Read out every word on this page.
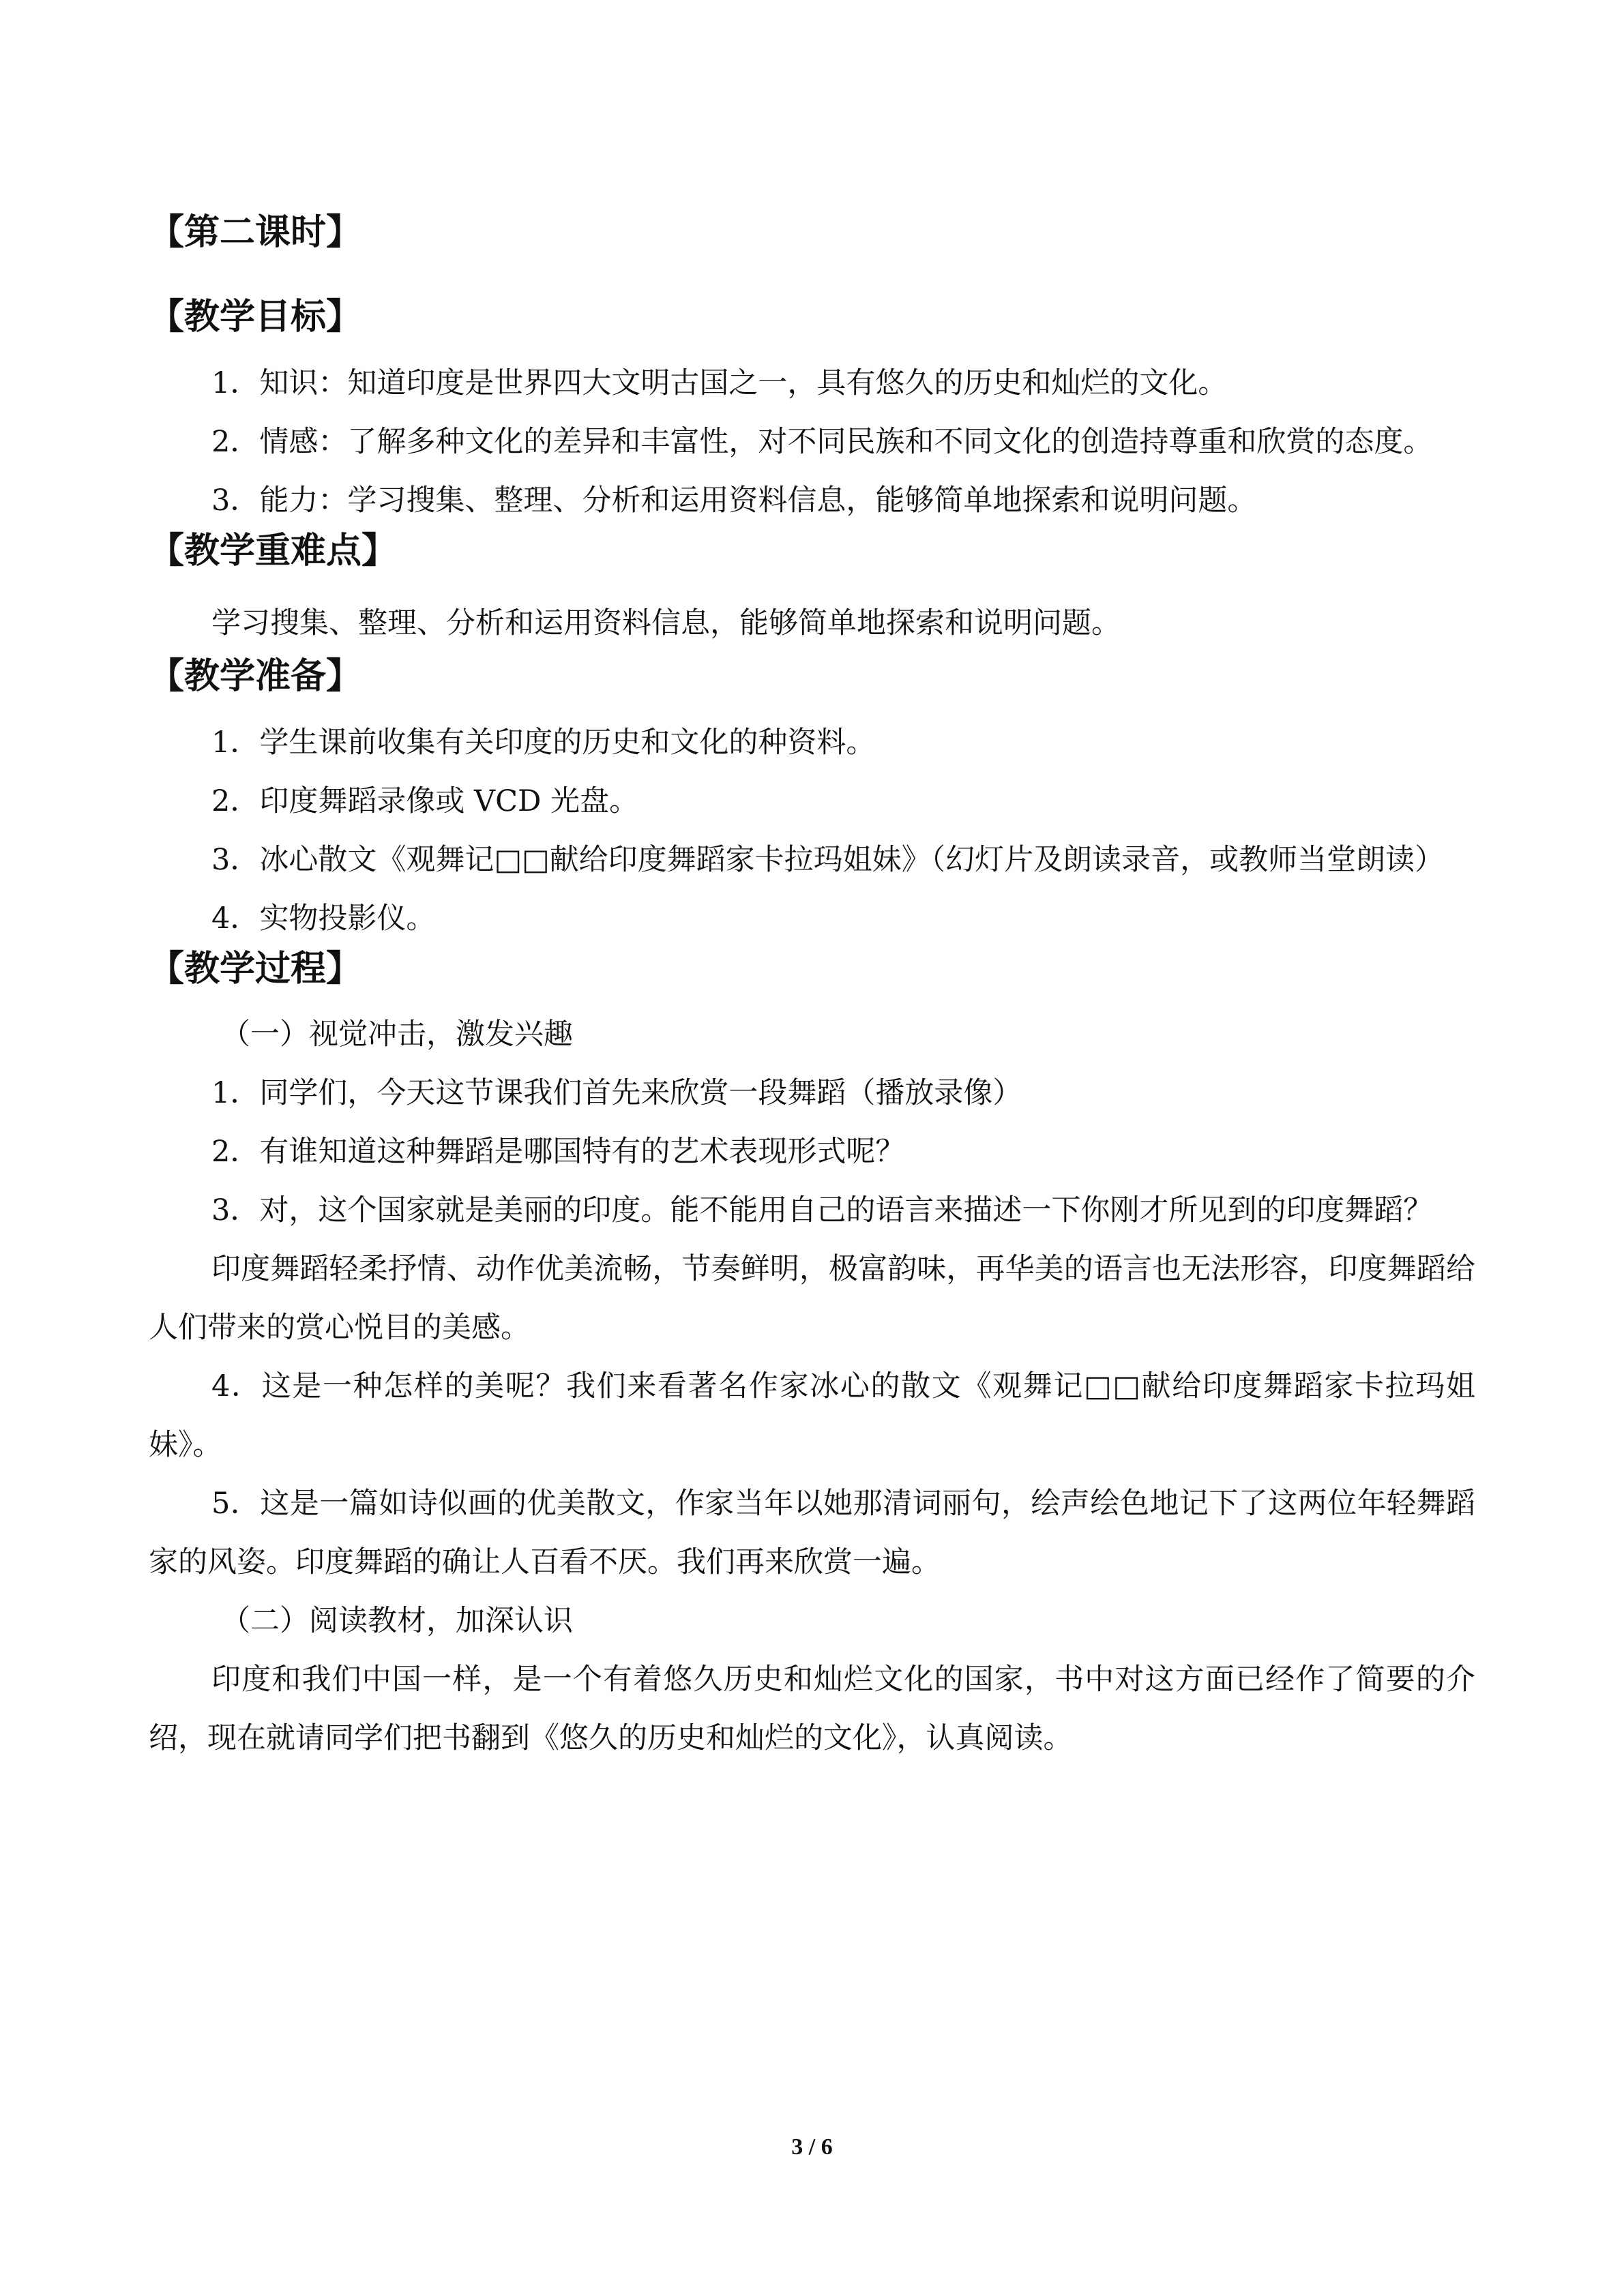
【第二课时】

【教学目标】

1．知识：知道印度是世界四大文明古国之一，具有悠久的历史和灿烂的文化。

2．情感：了解多种文化的差异和丰富性，对不同民族和不同文化的创造持尊重和欣赏的态度。

3．能力：学习搜集、整理、分析和运用资料信息，能够简单地探索和说明问题。

【教学重难点】

学习搜集、整理、分析和运用资料信息，能够简单地探索和说明问题。

【教学准备】

1．学生课前收集有关印度的历史和文化的种资料。

2．印度舞蹈录像或 VCD 光盘。

3．冰心散文《观舞记□□献给印度舞蹈家卡拉玛姐妹》（幻灯片及朗读录音，或教师当堂朗读）

4．实物投影仪。

【教学过程】

（一）视觉冲击，激发兴趣

1．同学们，今天这节课我们首先来欣赏一段舞蹈（播放录像）

2．有谁知道这种舞蹈是哪国特有的艺术表现形式呢？

3．对，这个国家就是美丽的印度。能不能用自己的语言来描述一下你刚才所见到的印度舞蹈？

印度舞蹈轻柔抒情、动作优美流畅，节奏鲜明，极富韵味，再华美的语言也无法形容，印度舞蹈给人们带来的赏心悦目的美感。

4．这是一种怎样的美呢？我们来看著名作家冰心的散文《观舞记□□献给印度舞蹈家卡拉玛姐妹》。

5．这是一篇如诗似画的优美散文，作家当年以她那清词丽句，绘声绘色地记下了这两位年轻舞蹈家的风姿。印度舞蹈的确让人百看不厌。我们再来欣赏一遍。

（二）阅读教材，加深认识

印度和我们中国一样，是一个有着悠久历史和灿烂文化的国家，书中对这方面已经作了简要的介绍，现在就请同学们把书翻到《悠久的历史和灿烂的文化》，认真阅读。

3 / 6
